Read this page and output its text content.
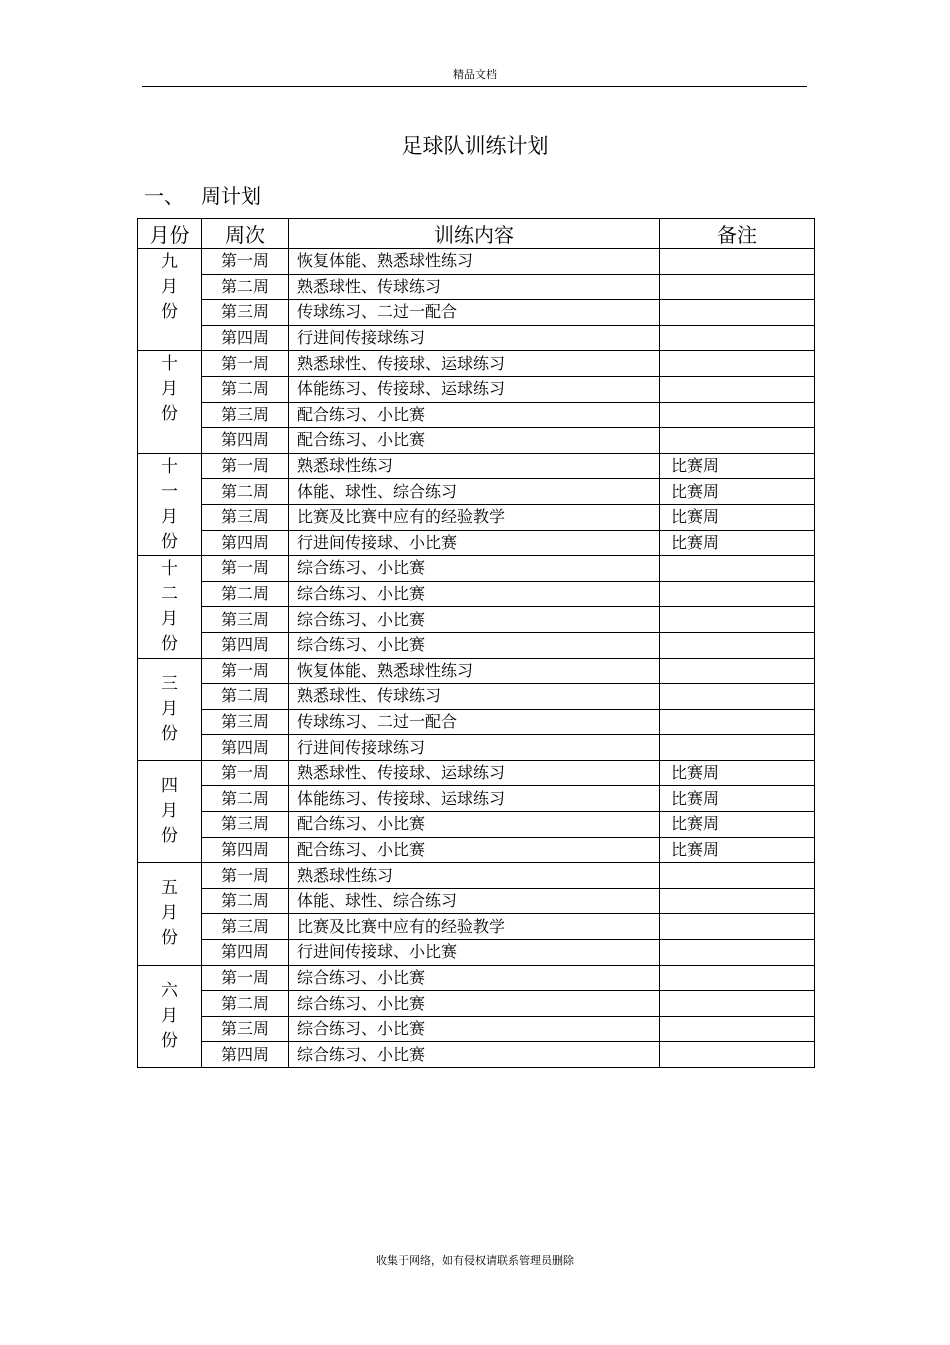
精品文档
足球队训练计划
一、 周计划
月份	周次	训练内容	备注

九
月
份	第一周	恢复体能、熟悉球性练习	
	第二周	熟悉球性、传球练习	
	第三周	传球练习、二过一配合	
	第四周	行进间传接球练习	

十
月
份	第一周	熟悉球性、传接球、运球练习	
	第二周	体能练习、传接球、运球练习	
	第三周	配合练习、小比赛	
	第四周	配合练习、小比赛	

十
一
月
份	第一周	熟悉球性练习	比赛周
	第二周	体能、球性、综合练习	比赛周
	第三周	比赛及比赛中应有的经验教学	比赛周
	第四周	行进间传接球、小比赛	比赛周

十
二
月
份	第一周	综合练习、小比赛	
	第二周	综合练习、小比赛	
	第三周	综合练习、小比赛	
	第四周	综合练习、小比赛	

三
月
份	第一周	恢复体能、熟悉球性练习	
	第二周	熟悉球性、传球练习	
	第三周	传球练习、二过一配合	
	第四周	行进间传接球练习	

四
月
份	第一周	熟悉球性、传接球、运球练习	比赛周
	第二周	体能练习、传接球、运球练习	比赛周
	第三周	配合练习、小比赛	比赛周
	第四周	配合练习、小比赛	比赛周

五
月
份	第一周	熟悉球性练习	
	第二周	体能、球性、综合练习	
	第三周	比赛及比赛中应有的经验教学	
	第四周	行进间传接球、小比赛	

六
月
份	第一周	综合练习、小比赛	
	第二周	综合练习、小比赛	
	第三周	综合练习、小比赛	
	第四周	综合练习、小比赛	
收集于网络，如有侵权请联系管理员删除
